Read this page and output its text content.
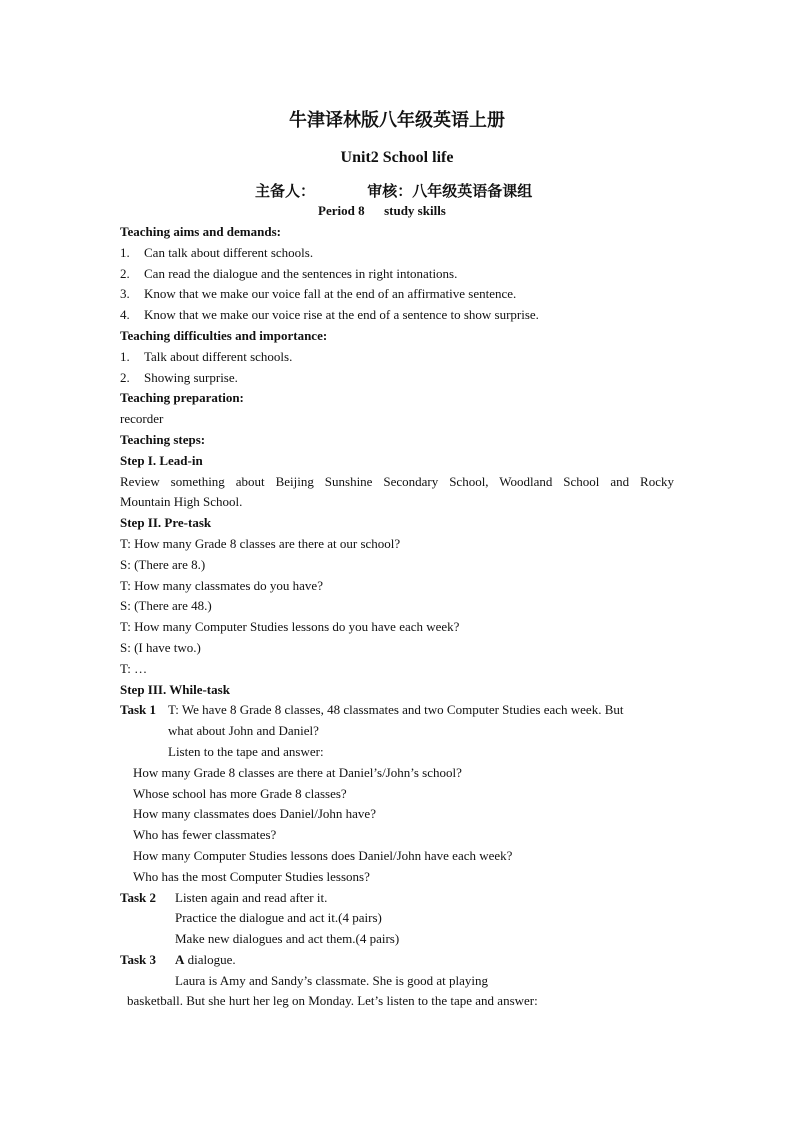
牛津译林版八年级英语上册
Unit2 School life
主备人：	审核：八年级英语备课组
Period 8 study skills
Teaching aims and demands:
1. Can talk about different schools.
2. Can read the dialogue and the sentences in right intonations.
3. Know that we make our voice fall at the end of an affirmative sentence.
4. Know that we make our voice rise at the end of a sentence to show surprise.
Teaching difficulties and importance:
1. Talk about different schools.
2. Showing surprise.
Teaching preparation:
recorder
Teaching steps:
Step I. Lead-in
Review something about Beijing Sunshine Secondary School, Woodland School and Rocky
Mountain High School.
Step II. Pre-task
T: How many Grade 8 classes are there at our school?
S: (There are 8.)
T: How many classmates do you have?
S: (There are 48.)
T: How many Computer Studies lessons do you have each week?
S: (I have two.)
T: …
Step III. While-task
Task 1 T: We have 8 Grade 8 classes, 48 classmates and two Computer Studies each week. But
what about John and Daniel?
Listen to the tape and answer:
How many Grade 8 classes are there at Daniel’s/John’s school?
Whose school has more Grade 8 classes?
How many classmates does Daniel/John have?
Who has fewer classmates?
How many Computer Studies lessons does Daniel/John have each week?
Who has the most Computer Studies lessons?
Task 2 Listen again and read after it.
Practice the dialogue and act it.(4 pairs)
Make new dialogues and act them.(4 pairs)
Task 3 A dialogue.
Laura is Amy and Sandy’s classmate. She is good at playing
basketball. But she hurt her leg on Monday. Let’s listen to the tape and answer:
